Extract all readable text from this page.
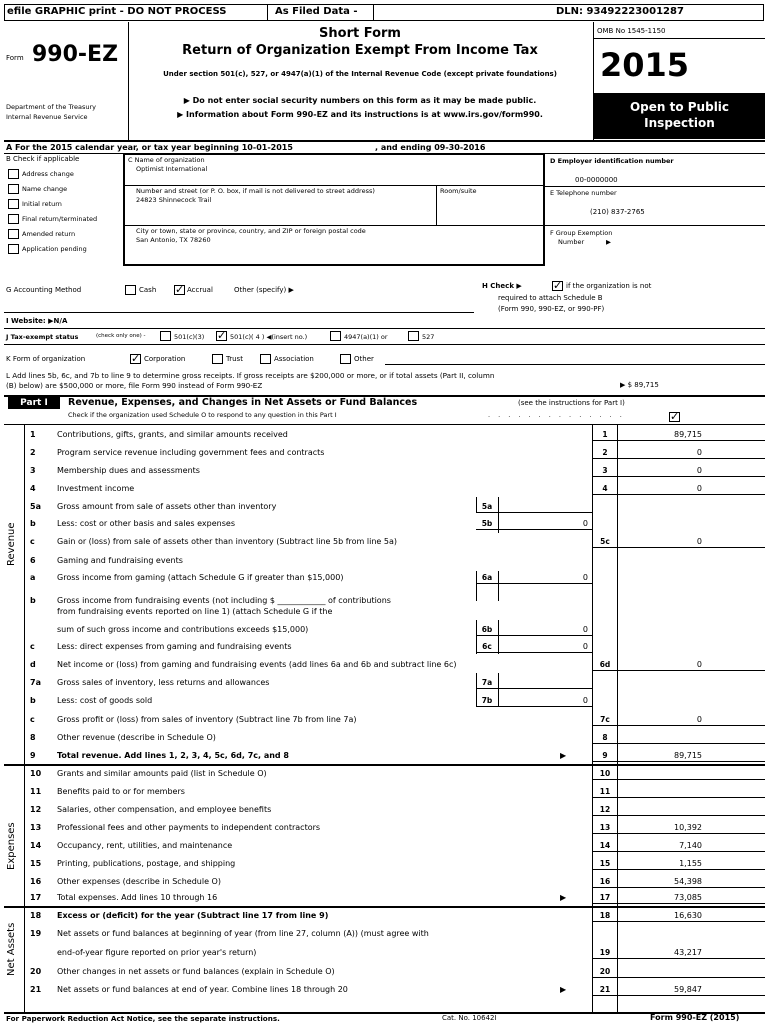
efile GRAPHIC print - DO NOT PROCESS	As Filed Data -	DLN: 93492223001287
Form 990-EZ
Department of the Treasury
Internal Revenue Service
Short Form
Return of Organization Exempt From Income Tax
Under section 501(c), 527, or 4947(a)(1) of the Internal Revenue Code (except private foundations)
▶ Do not enter social security numbers on this form as it may be made public.
▶ Information about Form 990-EZ and its instructions is at www.irs.gov/form990.
OMB No 1545-1150
2015
Open to Public
Inspection
A For the 2015 calendar year, or tax year beginning 10-01-2015	, and ending 09-30-2016
B Check if applicable
Address change
Name change
Initial return
Final return/terminated
Amended return
Application pending
C Name of organization
Optimist International
Number and street (or P. O. box, if mail is not delivered to street address)	Room/suite
24823 Shinnecock Trail
City or town, state or province, country, and ZIP or foreign postal code
San Antonio, TX 78260
D Employer identification number
00-0000000
E Telephone number
(210) 837-2765
F Group Exemption
Number	▶
G Accounting Method	Cash ✓	Accrual	Other (specify) ▶	H Check ▶ ✓	if the organization is not
required to attach Schedule B
(Form 990, 990-EZ, or 990-PF)
I Website: ▶N/A
J Tax-exempt status	(check only one) -	501(c)(3) ✓	501(c)( 4 ) ◀(insert no.)	4947(a)(1) or	527
K Form of organization ✓	Corporation	Trust	Association	Other
L Add lines 5b, 6c, and 7b to line 9 to determine gross receipts. If gross receipts are $200,000 or more, or if total assets (Part II, column
(B) below) are $500,000 or more, file Form 990 instead of Form 990-EZ	▶ $ 89,715
Part I	Revenue, Expenses, and Changes in Net Assets or Fund Balances	(see the instructions for Part I)
Check if the organization used Schedule O to respond to any question in this Part I	. . . . . . . . . . . . . .
✓
Revenue
Expenses
Net Assets
1	Contributions, gifts, grants, and similar amounts received	1	89,715
2	Program service revenue including government fees and contracts	2	0
3	Membership dues and assessments	3	0
4	Investment income	4	0
5a	Gross amount from sale of assets other than inventory	5a
b	Less: cost or other basis and sales expenses	5b	0
c	Gain or (loss) from sale of assets other than inventory (Subtract line 5b from line 5a)	5c	0
6	Gaming and fundraising events
a	Gross income from gaming (attach Schedule G if greater than $15,000)	6a	0
b	Gross income from fundraising events (not including $ ____________ of contributions
from fundraising events reported on line 1) (attach Schedule G if the
sum of such gross income and contributions exceeds $15,000)	6b	0
c	Less: direct expenses from gaming and fundraising events	6c	0
d	Net income or (loss) from gaming and fundraising events (add lines 6a and 6b and subtract line 6c)	6d	0
7a	Gross sales of inventory, less returns and allowances	7a
b	Less: cost of goods sold	7b	0
c	Gross profit or (loss) from sales of inventory (Subtract line 7b from line 7a)	7c	0
8	Other revenue (describe in Schedule O)	8
9	Total revenue. Add lines 1, 2, 3, 4, 5c, 6d, 7c, and 8	▶	9	89,715
10	Grants and similar amounts paid (list in Schedule O)	10
11	Benefits paid to or for members	11
12	Salaries, other compensation, and employee benefits	12
13	Professional fees and other payments to independent contractors	13	10,392
14	Occupancy, rent, utilities, and maintenance	14	7,140
15	Printing, publications, postage, and shipping	15	1,155
16	Other expenses (describe in Schedule O)	16	54,398
17	Total expenses. Add lines 10 through 16	▶	17	73,085
18	Excess or (deficit) for the year (Subtract line 17 from line 9)	18	16,630
19	Net assets or fund balances at beginning of year (from line 27, column (A)) (must agree with
end-of-year figure reported on prior year's return)	19	43,217
20	Other changes in net assets or fund balances (explain in Schedule O)	20
21	Net assets or fund balances at end of year. Combine lines 18 through 20	▶	21	59,847
For Paperwork Reduction Act Notice, see the separate instructions.	Cat. No. 10642I	Form 990-EZ (2015)
